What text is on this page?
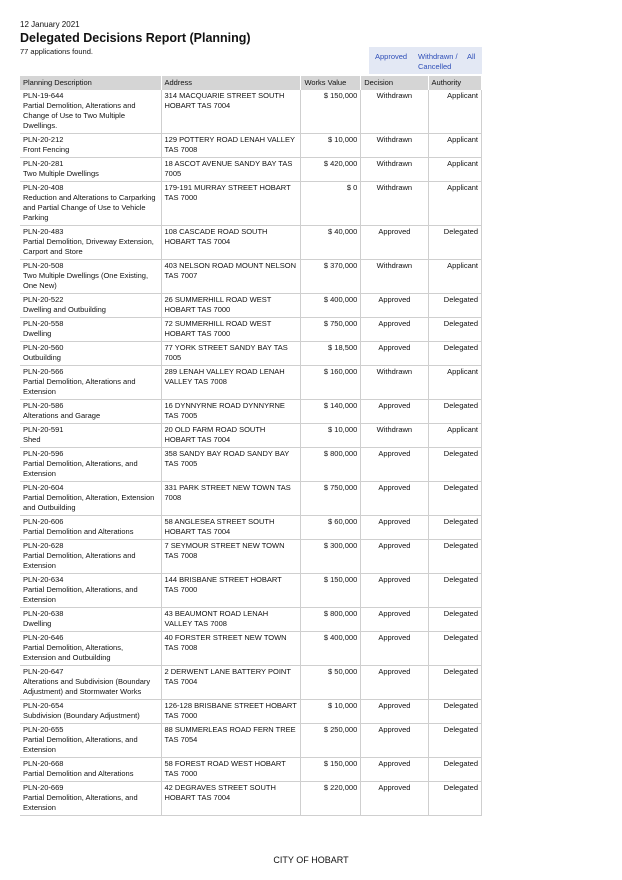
12 January 2021
Delegated Decisions Report (Planning)
77 applications found.
Approved Withdrawn / All
Cancelled
Planning Description	Address	Works Value	Decision	Authority

PLN-19-644
Partial Demolition, Alterations and Change of Use to Two Multiple Dwellings.	314 MACQUARIE STREET SOUTH HOBART TAS 7004	$ 150,000	Withdrawn	Applicant

PLN-20-212
Front Fencing	129 POTTERY ROAD LENAH VALLEY TAS 7008	$ 10,000	Withdrawn	Applicant

PLN-20-281
Two Multiple Dwellings	18 ASCOT AVENUE SANDY BAY TAS 7005	$ 420,000	Withdrawn	Applicant

PLN-20-408
Reduction and Alterations to Carparking and Partial Change of Use to Vehicle Parking	179-191 MURRAY STREET HOBART TAS 7000	$ 0	Withdrawn	Applicant

PLN-20-483
Partial Demolition, Driveway Extension, Carport and Store	108 CASCADE ROAD SOUTH HOBART TAS 7004	$ 40,000	Approved	Delegated

PLN-20-508
Two Multiple Dwellings (One Existing, One New)	403 NELSON ROAD MOUNT NELSON TAS 7007	$ 370,000	Withdrawn	Applicant

PLN-20-522
Dwelling and Outbuilding	26 SUMMERHILL ROAD WEST HOBART TAS 7000	$ 400,000	Approved	Delegated

PLN-20-558
Dwelling	72 SUMMERHILL ROAD WEST HOBART TAS 7000	$ 750,000	Approved	Delegated

PLN-20-560
Outbuilding	77 YORK STREET SANDY BAY TAS 7005	$ 18,500	Approved	Delegated

PLN-20-566
Partial Demolition, Alterations and Extension	289 LENAH VALLEY ROAD LENAH VALLEY TAS 7008	$ 160,000	Withdrawn	Applicant

PLN-20-586
Alterations and Garage	16 DYNNYRNE ROAD DYNNYRNE TAS 7005	$ 140,000	Approved	Delegated

PLN-20-591
Shed	20 OLD FARM ROAD SOUTH HOBART TAS 7004	$ 10,000	Withdrawn	Applicant

PLN-20-596
Partial Demolition, Alterations, and Extension	358 SANDY BAY ROAD SANDY BAY TAS 7005	$ 800,000	Approved	Delegated

PLN-20-604
Partial Demolition, Alteration, Extension and Outbuilding	331 PARK STREET NEW TOWN TAS 7008	$ 750,000	Approved	Delegated

PLN-20-606
Partial Demolition and Alterations	58 ANGLESEA STREET SOUTH HOBART TAS 7004	$ 60,000	Approved	Delegated

PLN-20-628
Partial Demolition, Alterations and Extension	7 SEYMOUR STREET NEW TOWN TAS 7008	$ 300,000	Approved	Delegated

PLN-20-634
Partial Demolition, Alterations, and Extension	144 BRISBANE STREET HOBART TAS 7000	$ 150,000	Approved	Delegated

PLN-20-638
Dwelling	43 BEAUMONT ROAD LENAH VALLEY TAS 7008	$ 800,000	Approved	Delegated

PLN-20-646
Partial Demolition, Alterations, Extension and Outbuilding	40 FORSTER STREET NEW TOWN TAS 7008	$ 400,000	Approved	Delegated

PLN-20-647
Alterations and Subdivision (Boundary Adjustment) and Stormwater Works	2 DERWENT LANE BATTERY POINT TAS 7004	$ 50,000	Approved	Delegated

PLN-20-654
Subdivision (Boundary Adjustment)	126-128 BRISBANE STREET HOBART TAS 7000	$ 10,000	Approved	Delegated

PLN-20-655
Partial Demolition, Alterations, and Extension	88 SUMMERLEAS ROAD FERN TREE TAS 7054	$ 250,000	Approved	Delegated

PLN-20-668
Partial Demolition and Alterations	58 FOREST ROAD WEST HOBART TAS 7000	$ 150,000	Approved	Delegated

PLN-20-669
Partial Demolition, Alterations, and Extension	42 DEGRAVES STREET SOUTH HOBART TAS 7004	$ 220,000	Approved	Delegated
CITY OF HOBART
